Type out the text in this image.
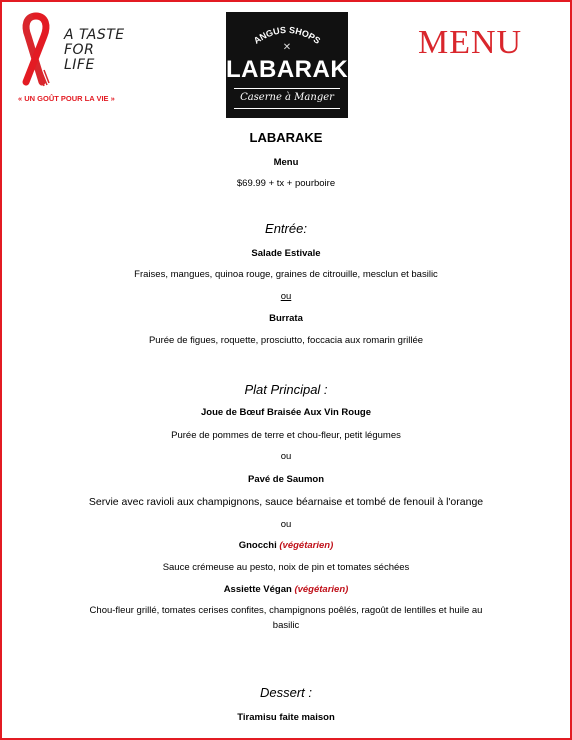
A TASTE
FOR LIFE
« UN GOÛT POUR LA VIE »
ANGUS SHOPS
✕
LABARAKE
Caserne à Manger
MENU
LABARAKE
Menu
$69.99 + tx + pourboire
Entrée:
Salade Estivale
Fraises, mangues, quinoa rouge, graines de citrouille, mesclun et basilic
ou
Burrata
Purée de figues, roquette, prosciutto, foccacia aux romarin grillée
Plat Principal :
Joue de Bœuf Braisée Aux Vin Rouge
Purée de pommes de terre et chou-fleur, petit légumes
ou
Pavé de Saumon
Servie avec ravioli aux champignons, sauce béarnaise et tombé de fenouil à l'orange
ou
Gnocchi (végétarien)
Sauce crémeuse au pesto, noix de pin et tomates séchées
Assiette Végan (végétarien)
Chou-fleur grillé, tomates cerises confites, champignons poêlés, ragoût de lentilles et huile au
basilic
Dessert :
Tiramisu faite maison
